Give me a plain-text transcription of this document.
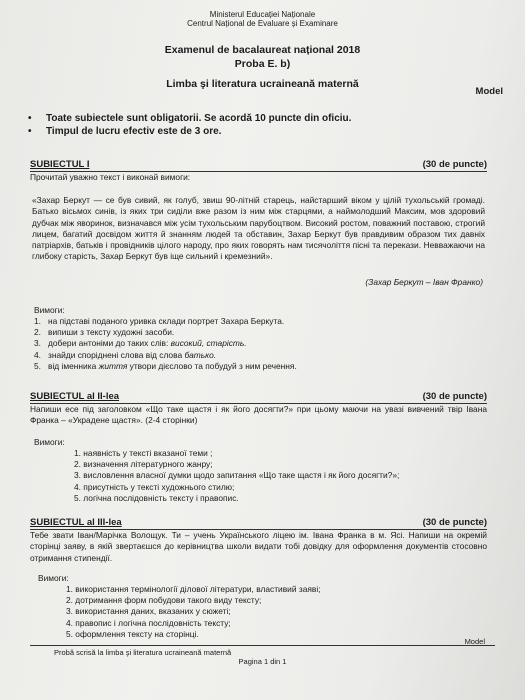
Ministerul Educației Naționale
Centrul Național de Evaluare și Examinare
Examenul de bacalaureat național 2018
Proba E. b)
Limba şi literatura ucraineană maternă
Model
• Toate subiectele sunt obligatorii. Se acordă 10 puncte din oficiu.
• Timpul de lucru efectiv este de 3 ore.
SUBIECTUL I	(30 de puncte)
Прочитай уважно текст і виконай вимоги:
«Захар Беркут — се був сивий, як голуб, звиш 90-літній старець, найстарший віком у цілій тухольській громаді. Батько вісьмох синів, із яких три сиділи вже разом із ним між старцями, а наймолодший Максим, мов здоровий дубчак між яворинок, визначався між усім тухольським парубоцтвом. Високий ростом, поважний поставою, строгий лицем, багатий досвідом життя й знанням людей та обставин, Захар Беркут був правдивим образом тих давніх патріархів, батьків і провідників цілого народу, про яких говорять нам тисячоліття пісні та перекази. Невважаючи на глибоку старість, Захар Беркут був іще сильний і кремезний».
(Захар Беркут – Іван Франко)
Вимоги:
1. на підставі поданого уривка склади портрет Захара Беркута.
2. випиши з тексту художні засоби.
3. добери антоніми до таких слів: високий, старість.
4. знайди споріднені слова від слова батько.
5. від іменника життя утвори дієслово та побудуй з ним речення.
SUBIECTUL al II-lea	(30 de puncte)
Напиши есе під заголовком «Що таке щастя і як його досягти?» при цьому маючи на увазі вивчений твір Івана Франка – «Украдене щастя». (2-4 сторінки)
Вимоги:
1. наявність у тексті вказаної теми ;
2. визначення літературного жанру;
3. висловлення власної думки щодо запитання «Що таке щастя і як його досягти?»;
4. присутність у тексті художнього стилю;
5. логічна послідовність тексту і правопис.
SUBIECTUL al III-lea	(30 de puncte)
Тебе звати Іван/Марічка Волощук. Ти – учень Українського ліцею ім. Івана Франка в м. Ясі. Напиши на окремій сторінці заяву, в якій звертаєшся до керівництва школи видати тобі довідку для оформлення документів стосовно отримання стипендії.
Вимоги:
1. використання термінології ділової літератури, властивий заяві;
2. дотримання форм побудови такого виду тексту;
3. використання даних, вказаних у сюжеті;
4. правопис і логічна послідовність тексту;
5. оформлення тексту на сторінці.
Model
Probă scrisă la limba şi literatura ucraineană maternă
Pagina 1 din 1
